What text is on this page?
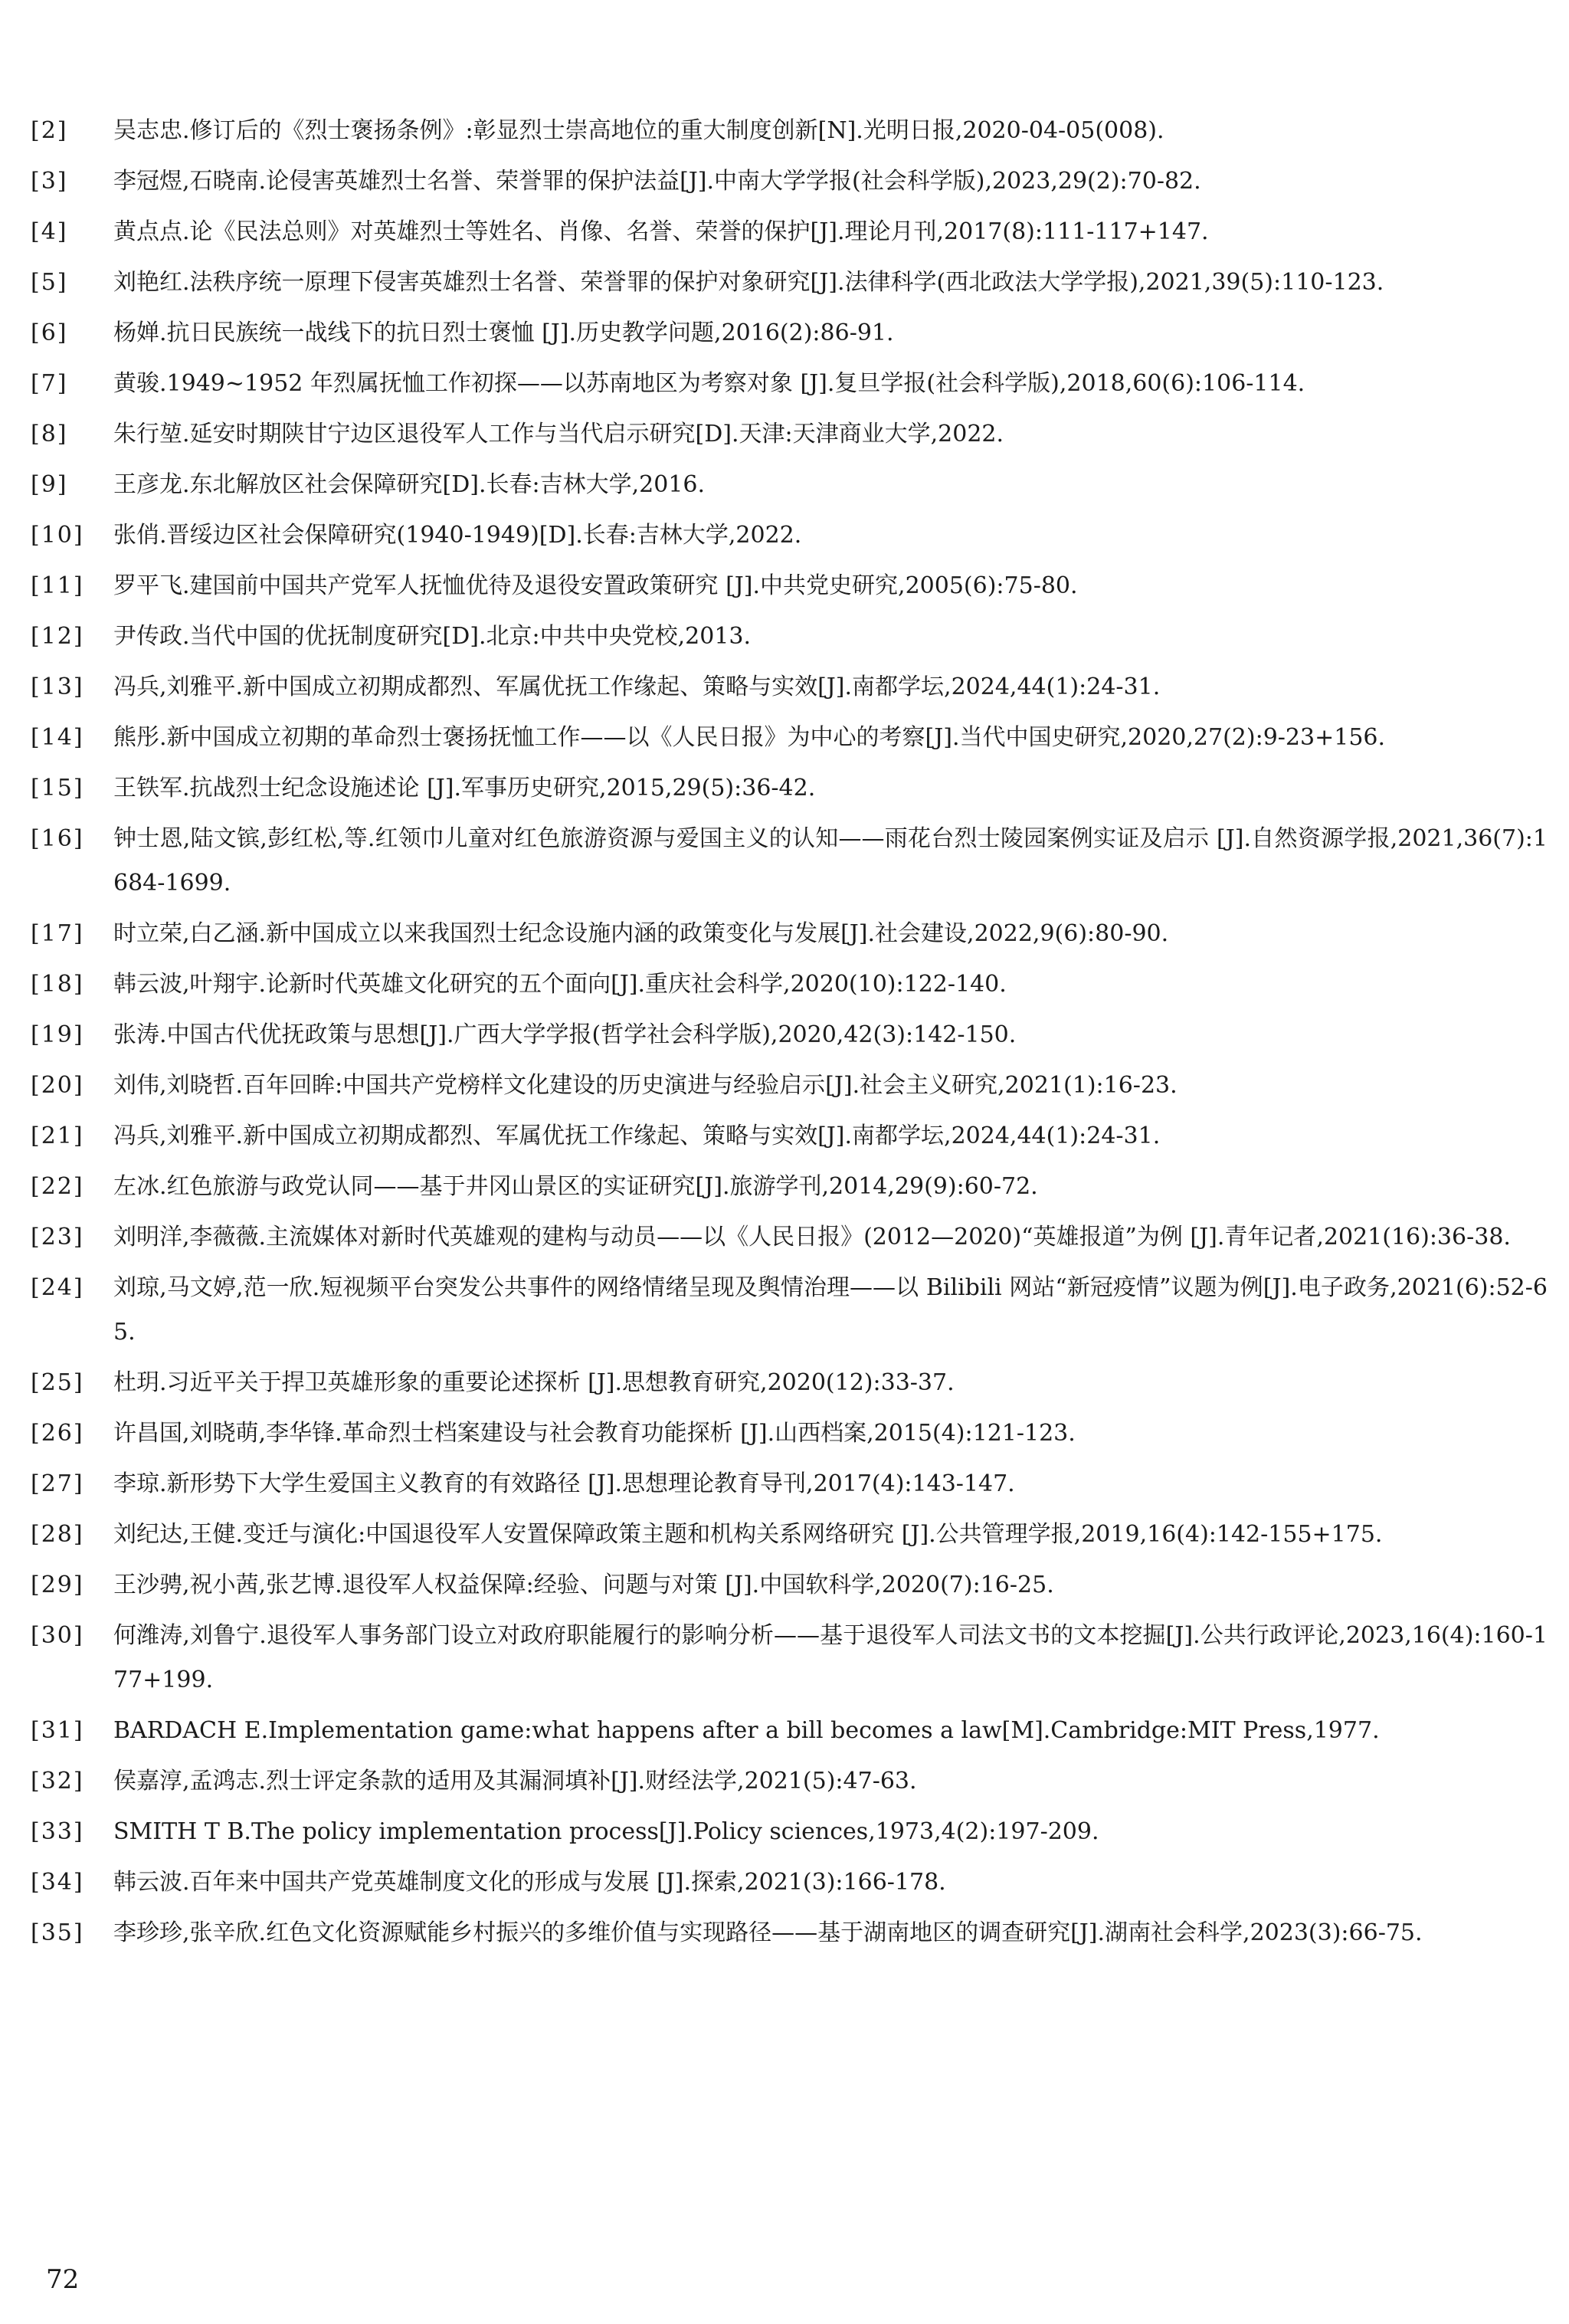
[2]	吴志忠.修订后的《烈士褒扬条例》:彰显烈士崇高地位的重大制度创新[N].光明日报,2020-04-05(008).
[3]	李冠煜,石晓南.论侵害英雄烈士名誉、荣誉罪的保护法益[J].中南大学学报(社会科学版),2023,29(2):70-82.
[4]	黄点点.论《民法总则》对英雄烈士等姓名、肖像、名誉、荣誉的保护[J].理论月刊,2017(8):111-117+147.
[5]	刘艳红.法秩序统一原理下侵害英雄烈士名誉、荣誉罪的保护对象研究[J].法律科学(西北政法大学学报),2021,39(5):110-123.
[6]	杨婵.抗日民族统一战线下的抗日烈士褒恤 [J].历史教学问题,2016(2):86-91.
[7]	黄骏.1949~1952 年烈属抚恤工作初探——以苏南地区为考察对象 [J].复旦学报(社会科学版),2018,60(6):106-114.
[8]	朱行堃.延安时期陕甘宁边区退役军人工作与当代启示研究[D].天津:天津商业大学,2022.
[9]	王彦龙.东北解放区社会保障研究[D].长春:吉林大学,2016.
[10]	张俏.晋绥边区社会保障研究(1940-1949)[D].长春:吉林大学,2022.
[11]	罗平飞.建国前中国共产党军人抚恤优待及退役安置政策研究 [J].中共党史研究,2005(6):75-80.
[12]	尹传政.当代中国的优抚制度研究[D].北京:中共中央党校,2013.
[13]	冯兵,刘雅平.新中国成立初期成都烈、军属优抚工作缘起、策略与实效[J].南都学坛,2024,44(1):24-31.
[14]	熊彤.新中国成立初期的革命烈士褒扬抚恤工作——以《人民日报》为中心的考察[J].当代中国史研究,2020,27(2):9-23+156.
[15]	王铁军.抗战烈士纪念设施述论 [J].军事历史研究,2015,29(5):36-42.
[16]	钟士恩,陆文镔,彭红松,等.红领巾儿童对红色旅游资源与爱国主义的认知——雨花台烈士陵园案例实证及启示 [J].自然资源学报,2021,36(7):1684-1699.
[17]	时立荣,白乙涵.新中国成立以来我国烈士纪念设施内涵的政策变化与发展[J].社会建设,2022,9(6):80-90.
[18]	韩云波,叶翔宇.论新时代英雄文化研究的五个面向[J].重庆社会科学,2020(10):122-140.
[19]	张涛.中国古代优抚政策与思想[J].广西大学学报(哲学社会科学版),2020,42(3):142-150.
[20]	刘伟,刘晓哲.百年回眸:中国共产党榜样文化建设的历史演进与经验启示[J].社会主义研究,2021(1):16-23.
[21]	冯兵,刘雅平.新中国成立初期成都烈、军属优抚工作缘起、策略与实效[J].南都学坛,2024,44(1):24-31.
[22]	左冰.红色旅游与政党认同——基于井冈山景区的实证研究[J].旅游学刊,2014,29(9):60-72.
[23]	刘明洋,李薇薇.主流媒体对新时代英雄观的建构与动员——以《人民日报》(2012—2020)“英雄报道”为例 [J].青年记者,2021(16):36-38.
[24]	刘琼,马文婷,范一欣.短视频平台突发公共事件的网络情绪呈现及舆情治理——以 Bilibili 网站“新冠疫情”议题为例[J].电子政务,2021(6):52-65.
[25]	杜玥.习近平关于捍卫英雄形象的重要论述探析 [J].思想教育研究,2020(12):33-37.
[26]	许昌国,刘晓萌,李华锋.革命烈士档案建设与社会教育功能探析 [J].山西档案,2015(4):121-123.
[27]	李琼.新形势下大学生爱国主义教育的有效路径 [J].思想理论教育导刊,2017(4):143-147.
[28]	刘纪达,王健.变迁与演化:中国退役军人安置保障政策主题和机构关系网络研究 [J].公共管理学报,2019,16(4):142-155+175.
[29]	王沙骋,祝小茜,张艺博.退役军人权益保障:经验、问题与对策 [J].中国软科学,2020(7):16-25.
[30]	何潍涛,刘鲁宁.退役军人事务部门设立对政府职能履行的影响分析——基于退役军人司法文书的文本挖掘[J].公共行政评论,2023,16(4):160-177+199.
[31]	BARDACH E.Implementation game:what happens after a bill becomes a law[M].Cambridge:MIT Press,1977.
[32]	侯嘉淳,孟鸿志.烈士评定条款的适用及其漏洞填补[J].财经法学,2021(5):47-63.
[33]	SMITH T B.The policy implementation process[J].Policy sciences,1973,4(2):197-209.
[34]	韩云波.百年来中国共产党英雄制度文化的形成与发展 [J].探索,2021(3):166-178.
[35]	李珍珍,张辛欣.红色文化资源赋能乡村振兴的多维价值与实现路径——基于湖南地区的调查研究[J].湖南社会科学,2023(3):66-75.
72
